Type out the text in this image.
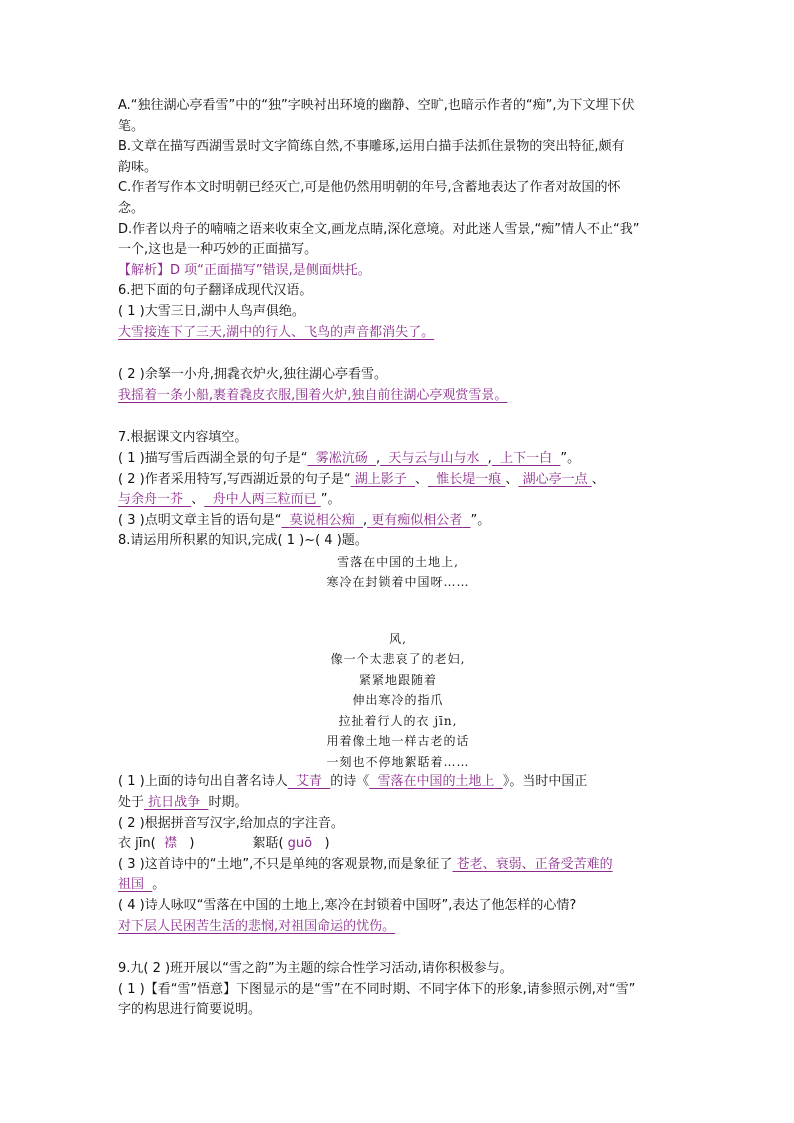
A.“独往湖心亭看雪”中的“独”字映衬出环境的幽静、空旷,也暗示作者的“痴”,为下文埋下伏
笔。
B.文章在描写西湖雪景时文字简练自然,不事雕琢,运用白描手法抓住景物的突出特征,颇有
韵味。
C.作者写作本文时明朝已经灭亡,可是他仍然用明朝的年号,含蓄地表达了作者对故国的怀
念。
D.作者以舟子的喃喃之语来收束全文,画龙点睛,深化意境。对此迷人雪景,“痴”情人不止“我”
一个,这也是一种巧妙的正面描写。
【解析】D 项“正面描写”错误,是侧面烘托。
6.把下面的句子翻译成现代汉语。
( 1 )大雪三日,湖中人鸟声俱绝。
大雪接连下了三天,湖中的行人、飞鸟的声音都消失了。
( 2 )余拏一小舟,拥毳衣炉火,独往湖心亭看雪。
我摇着一条小船,裹着毳皮衣服,围着火炉,独自前往湖心亭观赏雪景。
7.根据课文内容填空。
( 1 )描写雪后西湖全景的句子是“ 雾凇沆砀 , 天与云与山与水 , 上下一白 ”。
( 2 )作者采用特写,写西湖近景的句子是“ 湖上影子 、 惟长堤一痕 、 湖心亭一点 、
与余舟一芥 、 舟中人两三粒而已 ”。
( 3 )点明文章主旨的语句是“ 莫说相公痴 , 更有痴似相公者 ”。
8.请运用所积累的知识,完成( 1 )~( 4 )题。
雪落在中国的土地上,
寒冷在封锁着中国呀……
风,
像一个太悲哀了的老妇,
紧紧地跟随着
伸出寒冷的指爪
拉扯着行人的衣 jīn,
用着像土地一样古老的话
一刻也不停地絮聒着……
( 1 )上面的诗句出自著名诗人 艾青 的诗《 雪落在中国的土地上 》。当时中国正
处于 抗日战争 时期。
( 2 )根据拼音写汉字,给加点的字注音。
衣 jīn( 襟 )	絮聒( guō )
( 3 )这首诗中的“土地”,不只是单纯的客观景物,而是象征了 苍老、衰弱、正备受苦难的
祖国 。
( 4 )诗人咏叹“雪落在中国的土地上,寒冷在封锁着中国呀”,表达了他怎样的心情?
对下层人民困苦生活的悲悯,对祖国命运的忧伤。
9.九( 2 )班开展以“雪之韵”为主题的综合性学习活动,请你积极参与。
( 1 )【看“雪”悟意】下图显示的是“雪”在不同时期、不同字体下的形象,请参照示例,对“雪”
字的构思进行简要说明。
